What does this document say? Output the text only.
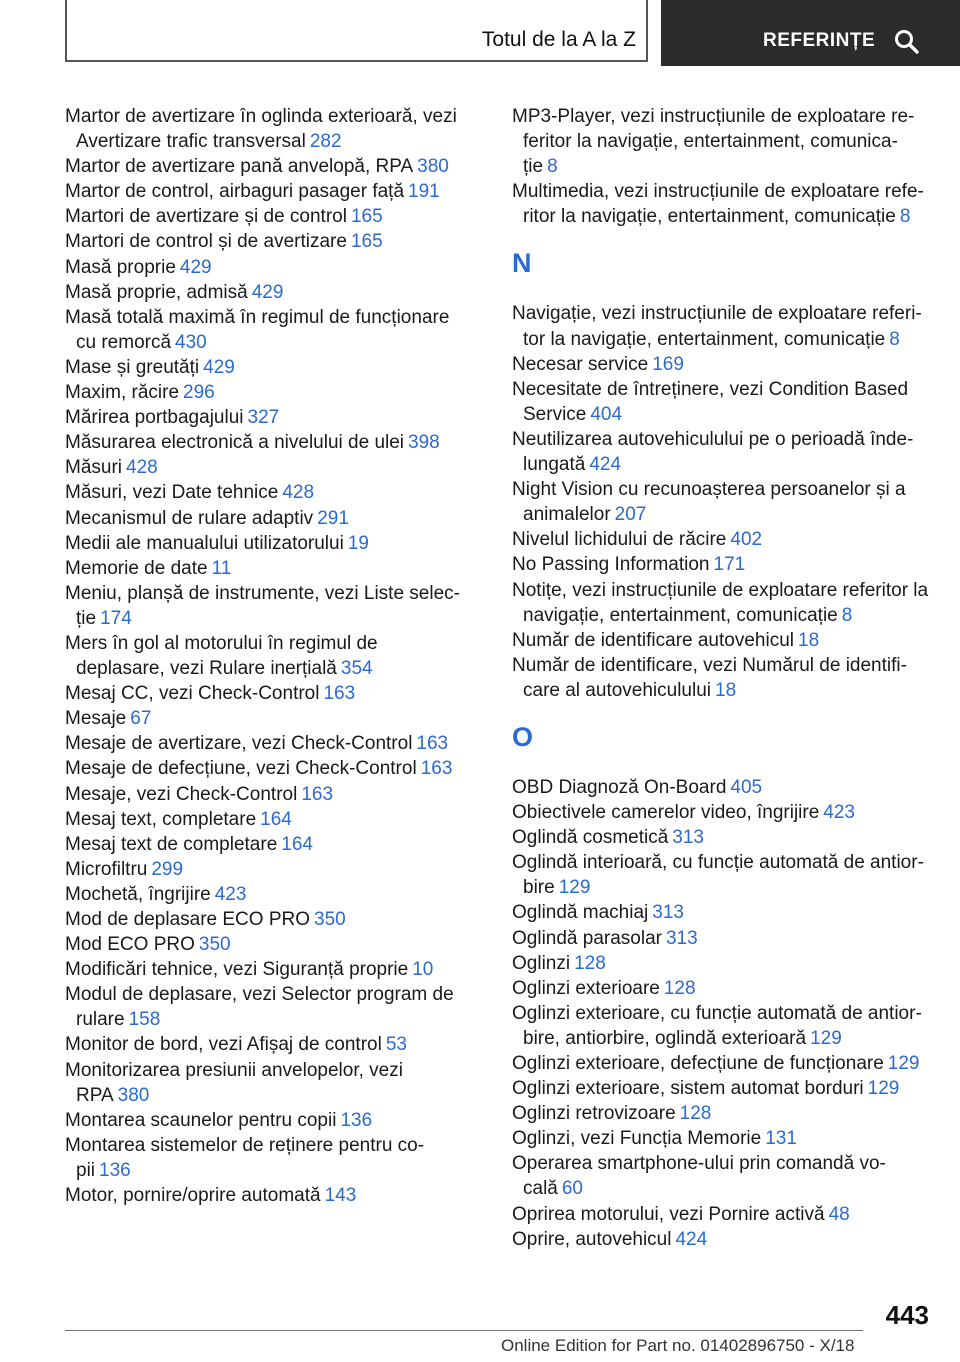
Totul de la A la Z	REFERINȚE

Martor de avertizare în oglinda exterioară, vezi Avertizare trafic transversal 282

Martor de avertizare pană anvelopă, RPA 380

Martor de control, airbaguri pasager față 191

Martori de avertizare și de control 165

Martori de control și de avertizare 165

Masă proprie 429

Masă proprie, admisă 429

Masă totală maximă în regimul de funcționare cu remorcă 430

Mase și greutăți 429

Maxim, răcire 296

Mărirea portbagajului 327

Măsurarea electronică a nivelului de ulei 398

Măsuri 428

Măsuri, vezi Date tehnice 428

Mecanismul de rulare adaptiv 291

Medii ale manualului utilizatorului 19

Memorie de date 11

Meniu, planșă de instrumente, vezi Liste selec-ție 174

Mers în gol al motorului în regimul de deplasare, vezi Rulare inerțială 354

Mesaj CC, vezi Check-Control 163

Mesaje 67

Mesaje de avertizare, vezi Check-Control 163

Mesaje de defecțiune, vezi Check-Control 163

Mesaje, vezi Check-Control 163

Mesaj text, completare 164

Mesaj text de completare 164

Microfiltru 299

Mochetă, îngrijire 423

Mod de deplasare ECO PRO 350

Mod ECO PRO 350

Modificări tehnice, vezi Siguranță proprie 10

Modul de deplasare, vezi Selector program de rulare 158

Monitor de bord, vezi Afișaj de control 53

Monitorizarea presiunii anvelopelor, vezi RPA 380

Montarea scaunelor pentru copii 136

Montarea sistemelor de reținere pentru co-pii 136

Motor, pornire/oprire automată 143

MP3-Player, vezi instrucțiunile de exploatare re-feritor la navigație, entertainment, comunica-ție 8

Multimedia, vezi instrucțiunile de exploatare refe-ritor la navigație, entertainment, comunicație 8

N

Navigație, vezi instrucțiunile de exploatare referi-tor la navigație, entertainment, comunicație 8

Necesar service 169

Necesitate de întreținere, vezi Condition Based Service 404

Neutilizarea autovehiculului pe o perioadă înde-lungată 424

Night Vision cu recunoașterea persoanelor și a animalelor 207

Nivelul lichidului de răcire 402

No Passing Information 171

Notițe, vezi instrucțiunile de exploatare referitor la navigație, entertainment, comunicație 8

Număr de identificare autovehicul 18

Număr de identificare, vezi Numărul de identifi-care al autovehiculului 18

O

OBD Diagnoză On-Board 405

Obiectivele camerelor video, îngrijire 423

Oglindă cosmetică 313

Oglindă interioară, cu funcție automată de antior-bire 129

Oglindă machiaj 313

Oglindă parasolar 313

Oglinzi 128

Oglinzi exterioare 128

Oglinzi exterioare, cu funcție automată de antior-bire, antiorbire, oglindă exterioară 129

Oglinzi exterioare, defecțiune de funcționare 129

Oglinzi exterioare, sistem automat borduri 129

Oglinzi retrovizoare 128

Oglinzi, vezi Funcția Memorie 131

Operarea smartphone-ului prin comandă vo-cală 60

Oprirea motorului, vezi Pornire activă 48

Oprire, autovehicul 424

443
Online Edition for Part no. 01402896750 - X/18
